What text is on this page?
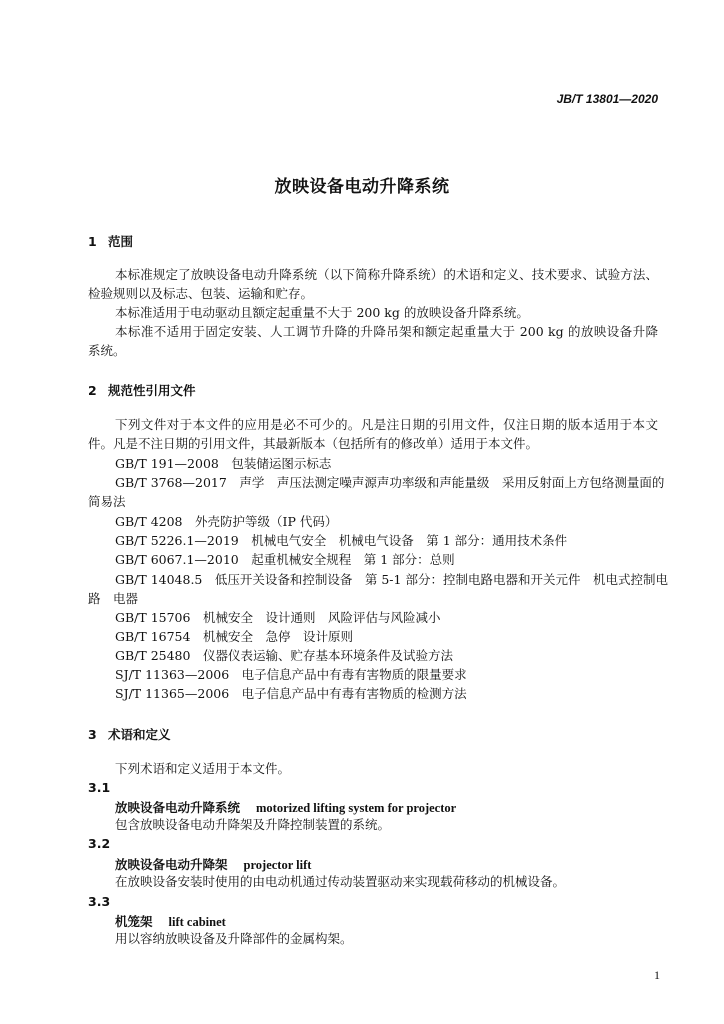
JB/T 13801—2020
放映设备电动升降系统
1 范围
本标准规定了放映设备电动升降系统（以下简称升降系统）的术语和定义、技术要求、试验方法、
检验规则以及标志、包装、运输和贮存。
本标准适用于电动驱动且额定起重量不大于 200 kg 的放映设备升降系统。
本标准不适用于固定安装、人工调节升降的升降吊架和额定起重量大于 200 kg 的放映设备升降
系统。
2 规范性引用文件
下列文件对于本文件的应用是必不可少的。凡是注日期的引用文件，仅注日期的版本适用于本文
件。凡是不注日期的引用文件，其最新版本（包括所有的修改单）适用于本文件。
GB/T 191—2008　包装储运图示标志
GB/T 3768—2017　声学　声压法测定噪声源声功率级和声能量级　采用反射面上方包络测量面的
简易法
GB/T 4208　外壳防护等级（IP 代码）
GB/T 5226.1—2019　机械电气安全　机械电气设备　第 1 部分：通用技术条件
GB/T 6067.1—2010　起重机械安全规程　第 1 部分：总则
GB/T 14048.5　低压开关设备和控制设备　第 5-1 部分：控制电路电器和开关元件　机电式控制电
路　电器
GB/T 15706　机械安全　设计通则　风险评估与风险减小
GB/T 16754　机械安全　急停　设计原则
GB/T 25480　仪器仪表运输、贮存基本环境条件及试验方法
SJ/T 11363—2006　电子信息产品中有毒有害物质的限量要求
SJ/T 11365—2006　电子信息产品中有毒有害物质的检测方法
3 术语和定义
下列术语和定义适用于本文件。
3.1
放映设备电动升降系统 motorized lifting system for projector
包含放映设备电动升降架及升降控制装置的系统。
3.2
放映设备电动升降架 projector lift
在放映设备安装时使用的由电动机通过传动装置驱动来实现载荷移动的机械设备。
3.3
机笼架 lift cabinet
用以容纳放映设备及升降部件的金属构架。
1
